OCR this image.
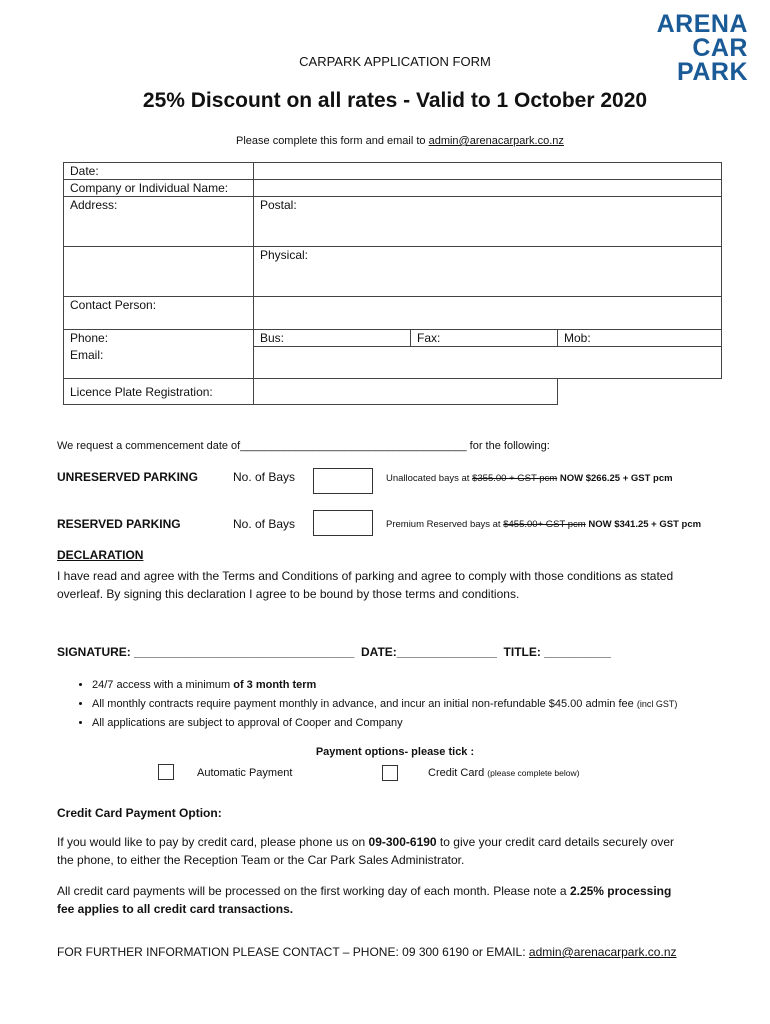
ARENA
CAR
PARK
CARPARK APPLICATION FORM
25% Discount on all rates - Valid to 1 October 2020
Please complete this form and email to admin@arenacarpark.co.nz
Date:			
Company or Individual Name:			
Address:	Postal:		
	Physical:		
Contact Person:			
Phone:	Bus:	Fax:	Mob:
Email:			
Licence Plate Registration:			
We request a commencement date of_____________________________________ for the following:
UNRESERVED PARKING	No. of Bays	Unallocated bays at $355.00 + GST pcm NOW $266.25 + GST pcm
RESERVED PARKING	No. of Bays	Premium Reserved bays at $455.00+ GST pcm NOW $341.25 + GST pcm
DECLARATION
I have read and agree with the Terms and Conditions of parking and agree to comply with those conditions as stated
overleaf. By signing this declaration I agree to be bound by those terms and conditions.
SIGNATURE: _________________________________  DATE:_______________  TITLE: __________
• 24/7 access with a minimum of 3 month term
• All monthly contracts require payment monthly in advance, and incur an initial non-refundable $45.00 admin fee (incl GST)
• All applications are subject to approval of Cooper and Company
Payment options- please tick :
Automatic Payment	Credit Card (please complete below)
Credit Card Payment Option:
If you would like to pay by credit card, please phone us on 09-300-6190 to give your credit card details securely over
the phone, to either the Reception Team or the Car Park Sales Administrator.
All credit card payments will be processed on the first working day of each month. Please note a 2.25% processing
fee applies to all credit card transactions.
FOR FURTHER INFORMATION PLEASE CONTACT – PHONE: 09 300 6190 or EMAIL: admin@arenacarpark.co.nz
